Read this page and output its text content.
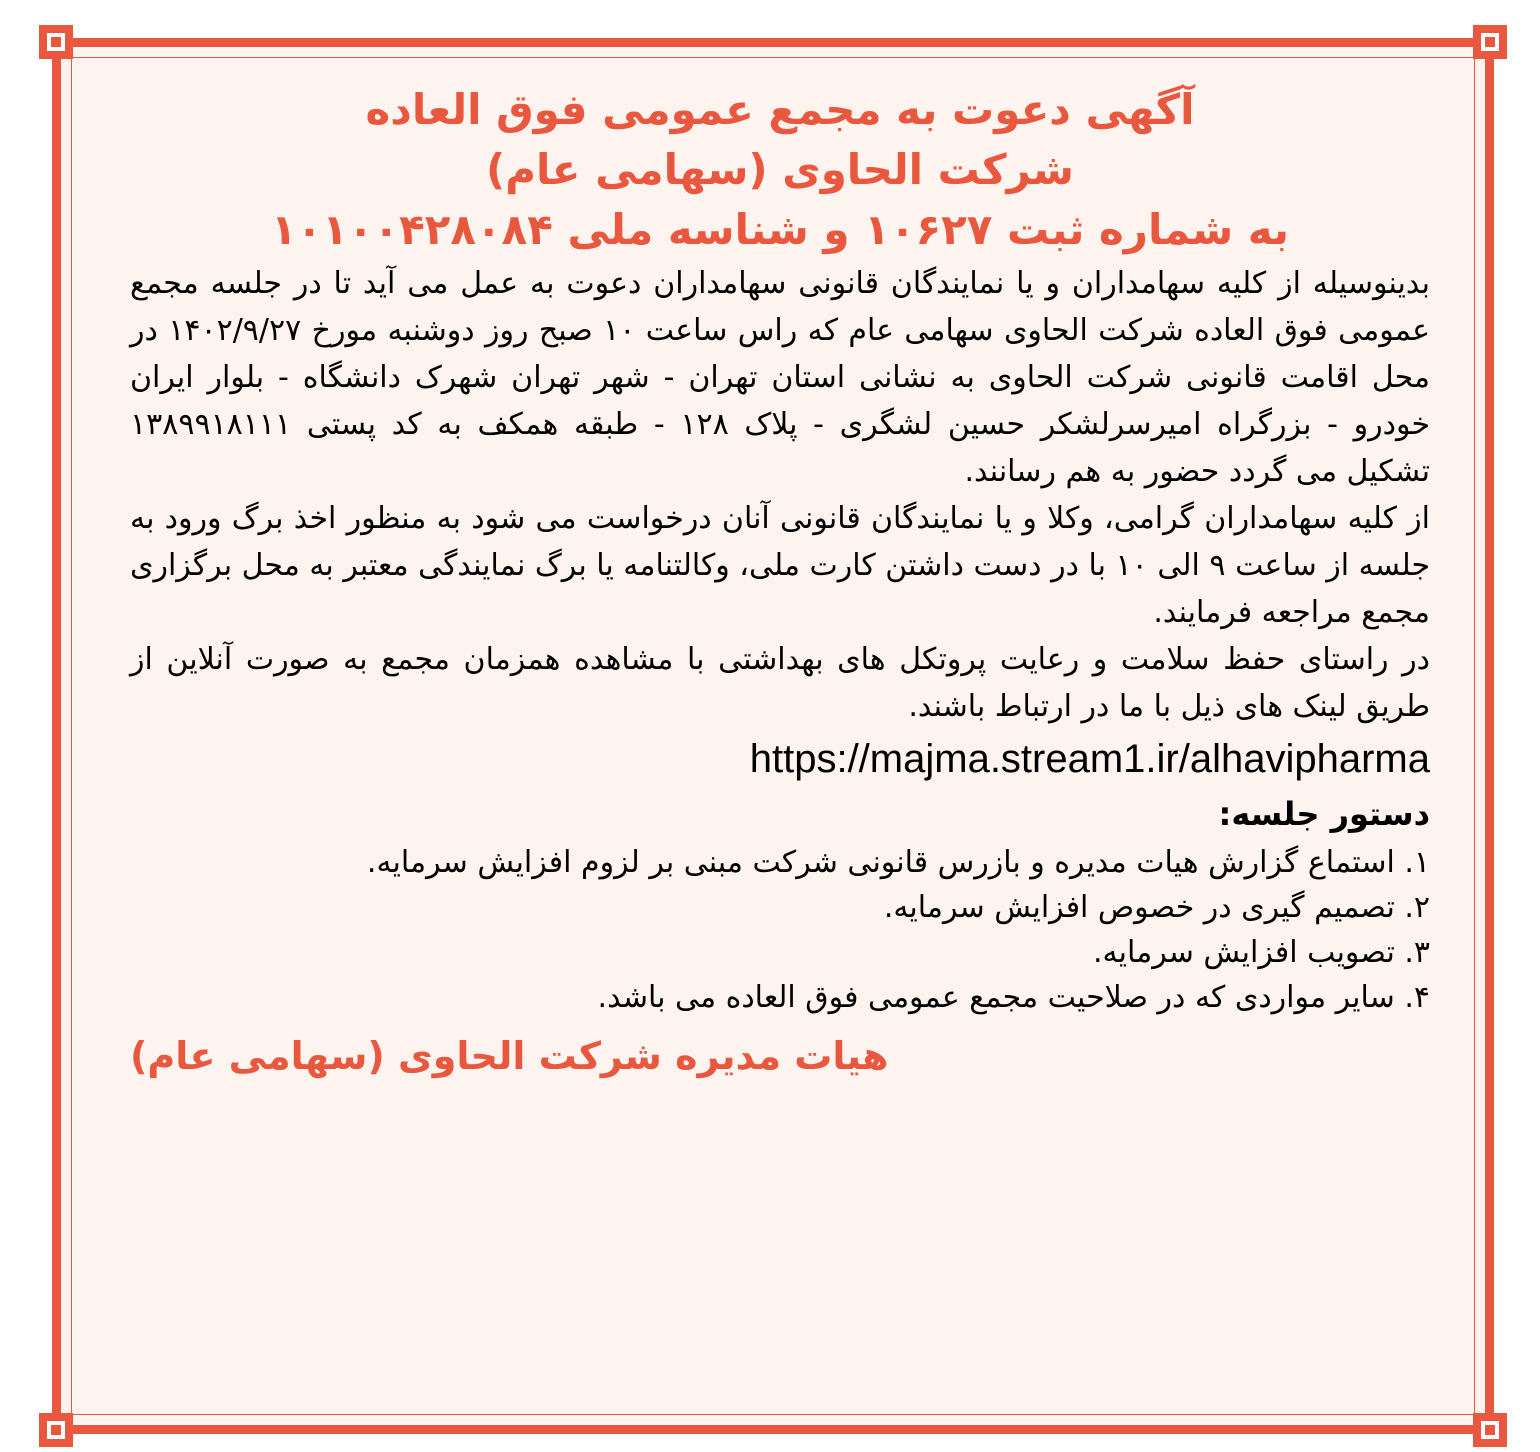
آگهی دعوت به مجمع عمومی فوق العاده

شرکت الحاوی (سهامی عام)

به شماره ثبت ۱۰۶۲۷ و شناسه ملی ۱۰۱۰۰۴۲۸۰۸۴

بدینوسیله از کلیه سهامداران و یا نمایندگان قانونی سهامداران دعوت به عمل می آید تا در جلسه مجمع عمومی فوق العاده شرکت الحاوی سهامی عام که راس ساعت ۱۰ صبح روز دوشنبه مورخ ۱۴۰۲/۹/۲۷ در محل اقامت قانونی شرکت الحاوی به نشانی استان تهران - شهر تهران شهرک دانشگاه - بلوار ایران خودرو - بزرگراه امیرسرلشکر حسین لشگری - پلاک ۱۲۸ - طبقه همکف به کد پستی ۱۳۸۹۹۱۸۱۱۱ تشکیل می گردد حضور به هم رسانند.

از کلیه سهامداران گرامی، وکلا و یا نمایندگان قانونی آنان درخواست می شود به منظور اخذ برگ ورود به جلسه از ساعت ۹ الی ۱۰ با در دست داشتن کارت ملی، وکالتنامه یا برگ نمایندگی معتبر به محل برگزاری مجمع مراجعه فرمایند.

در راستای حفظ سلامت و رعایت پروتکل های بهداشتی با مشاهده همزمان مجمع به صورت آنلاین از طریق لینک های ذیل با ما در ارتباط باشند.

https://majma.stream1.ir/alhavipharma

دستور جلسه:

۱. استماع گزارش هیات مدیره و بازرس قانونی شرکت مبنی بر لزوم افزایش سرمایه.

۲. تصمیم گیری در خصوص افزایش سرمایه.

۳. تصویب افزایش سرمایه.

۴. سایر مواردی که در صلاحیت مجمع عمومی فوق العاده می باشد.

هیات مدیره شرکت الحاوی (سهامی عام)
